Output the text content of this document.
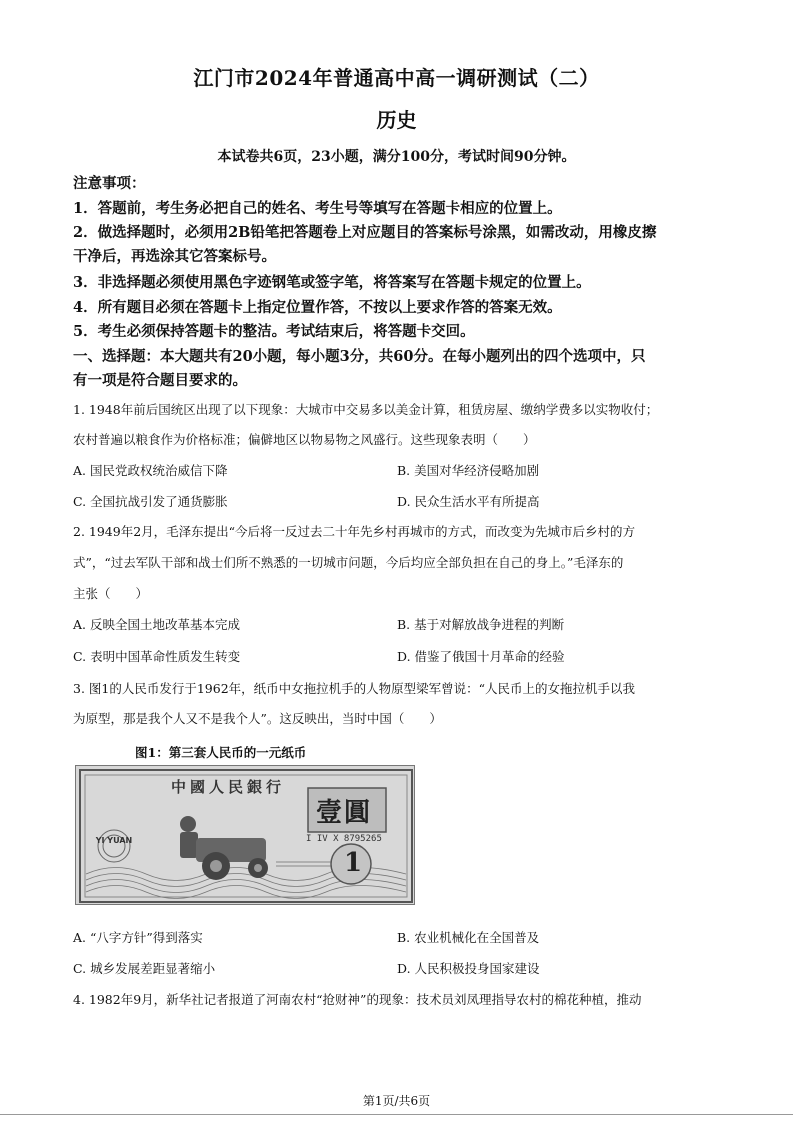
江门市2024年普通高中高一调研测试（二）
历史
本试卷共6页，23小题，满分100分，考试时间90分钟。
注意事项：
1．答题前，考生务必把自己的姓名、考生号等填写在答题卡相应的位置上。
2．做选择题时，必须用2B铅笔把答题卷上对应题目的答案标号涂黑，如需改动，用橡皮擦
干净后，再选涂其它答案标号。
3．非选择题必须使用黑色字迹钢笔或签字笔，将答案写在答题卡规定的位置上。
4．所有题目必须在答题卡上指定位置作答，不按以上要求作答的答案无效。
5．考生必须保持答题卡的整洁。考试结束后，将答题卡交回。
一、选择题：本大题共有20小题，每小题3分，共60分。在每小题列出的四个选项中，只
有一项是符合题目要求的。
1. 1948年前后国统区出现了以下现象：大城市中交易多以美金计算，租赁房屋、缴纳学费多以实物收付；
农村普遍以粮食作为价格标准；偏僻地区以物易物之风盛行。这些现象表明（　　）
A. 国民党政权统治威信下降	B. 美国对华经济侵略加剧
C. 全国抗战引发了通货膨胀	D. 民众生活水平有所提高
2. 1949年2月，毛泽东提出“今后将一反过去二十年先乡村再城市的方式，而改变为先城市后乡村的方
式”，“过去军队干部和战士们所不熟悉的一切城市问题，今后均应全部负担在自己的身上。”毛泽东的
主张（　　）
A. 反映全国土地改革基本完成	B. 基于对解放战争进程的判断
C. 表明中国革命性质发生转变	D. 借鉴了俄国十月革命的经验
3. 图1的人民币发行于1962年，纸币中女拖拉机手的人物原型梁军曾说：“人民币上的女拖拉机手以我
为原型，那是我个人又不是我个人”。这反映出，当时中国（　　）
图1：第三套人民币的一元纸币
中國人民銀行
壹圓
I IV X 8795265
1
YI YUAN
A. “八字方针”得到落实	B. 农业机械化在全国普及
C. 城乡发展差距显著缩小	D. 人民积极投身国家建设
4. 1982年9月，新华社记者报道了河南农村“抢财神”的现象：技术员刘凤理指导农村的棉花种植，推动
第1页/共6页
